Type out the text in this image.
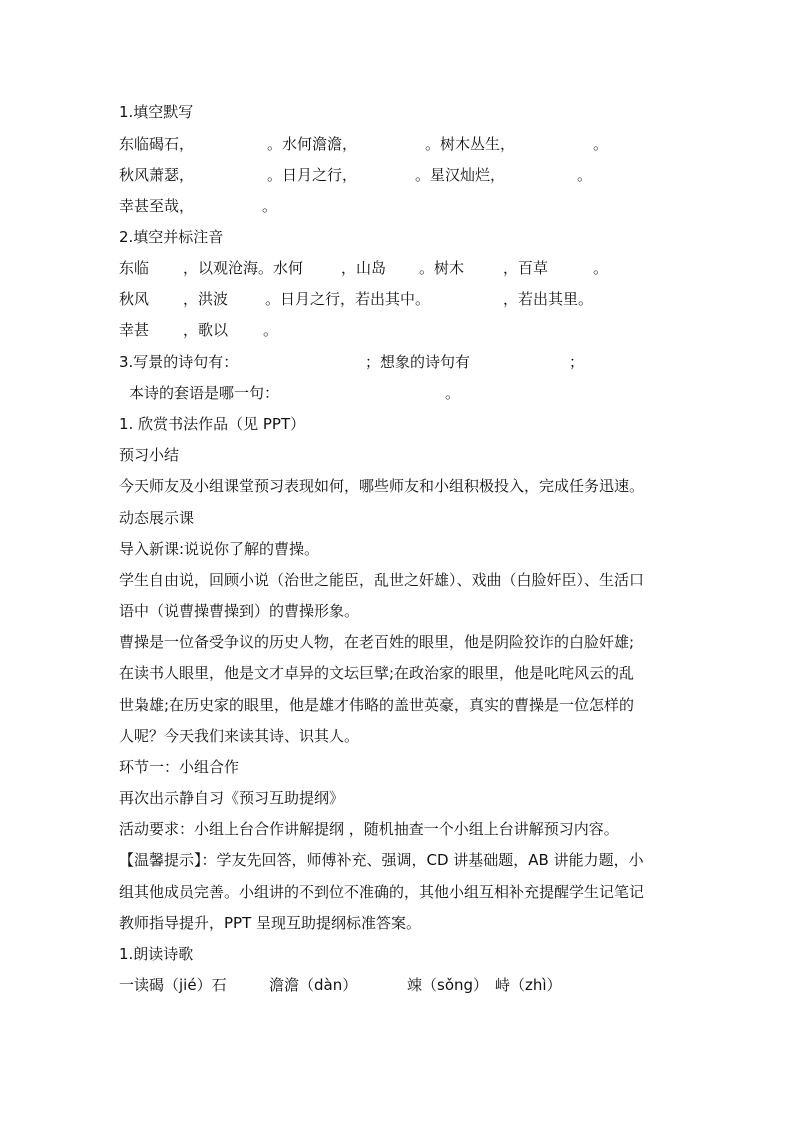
1.填空默写
东临碣石，	。水何澹澹，	。树木丛生，	。
秋风萧瑟，	。日月之行，	。星汉灿烂，	。
幸甚至哉，	。
2.填空并标注音
东临 ，以观沧海。水何	，山岛 。树木	，百草	。
秋风 ，洪波 。日月之行，若出其中。	，若出其里。
幸甚 ，歌以 。
3.写景的诗句有：	；想象的诗句有	；
本诗的套语是哪一句：	。
1. 欣赏书法作品（见 PPT）
预习小结
今天师友及小组课堂预习表现如何，哪些师友和小组积极投入，完成任务迅速。
动态展示课
导入新课:说说你了解的曹操。
学生自由说，回顾小说（治世之能臣，乱世之奸雄）、戏曲（白脸奸臣）、生活口
语中（说曹操曹操到）的曹操形象。
曹操是一位备受争议的历史人物，在老百姓的眼里，他是阴险狡诈的白脸奸雄;
在读书人眼里，他是文才卓异的文坛巨擘;在政治家的眼里，他是叱咤风云的乱
世枭雄;在历史家的眼里，他是雄才伟略的盖世英豪，真实的曹操是一位怎样的
人呢？今天我们来读其诗、识其人。
环节一：小组合作
再次出示静自习《预习互助提纲》
活动要求：小组上台合作讲解提纲 ，随机抽查一个小组上台讲解预习内容。
【温馨提示】：学友先回答，师傅补充、强调，CD 讲基础题，AB 讲能力题，小
组其他成员完善。小组讲的不到位不准确的，其他小组互相补充提醒学生记笔记
教师指导提升，PPT 呈现互助提纲标准答案。
1.朗读诗歌
一读碣（jié）石	澹澹（dàn）	竦（sǒng） 峙（zhì）
